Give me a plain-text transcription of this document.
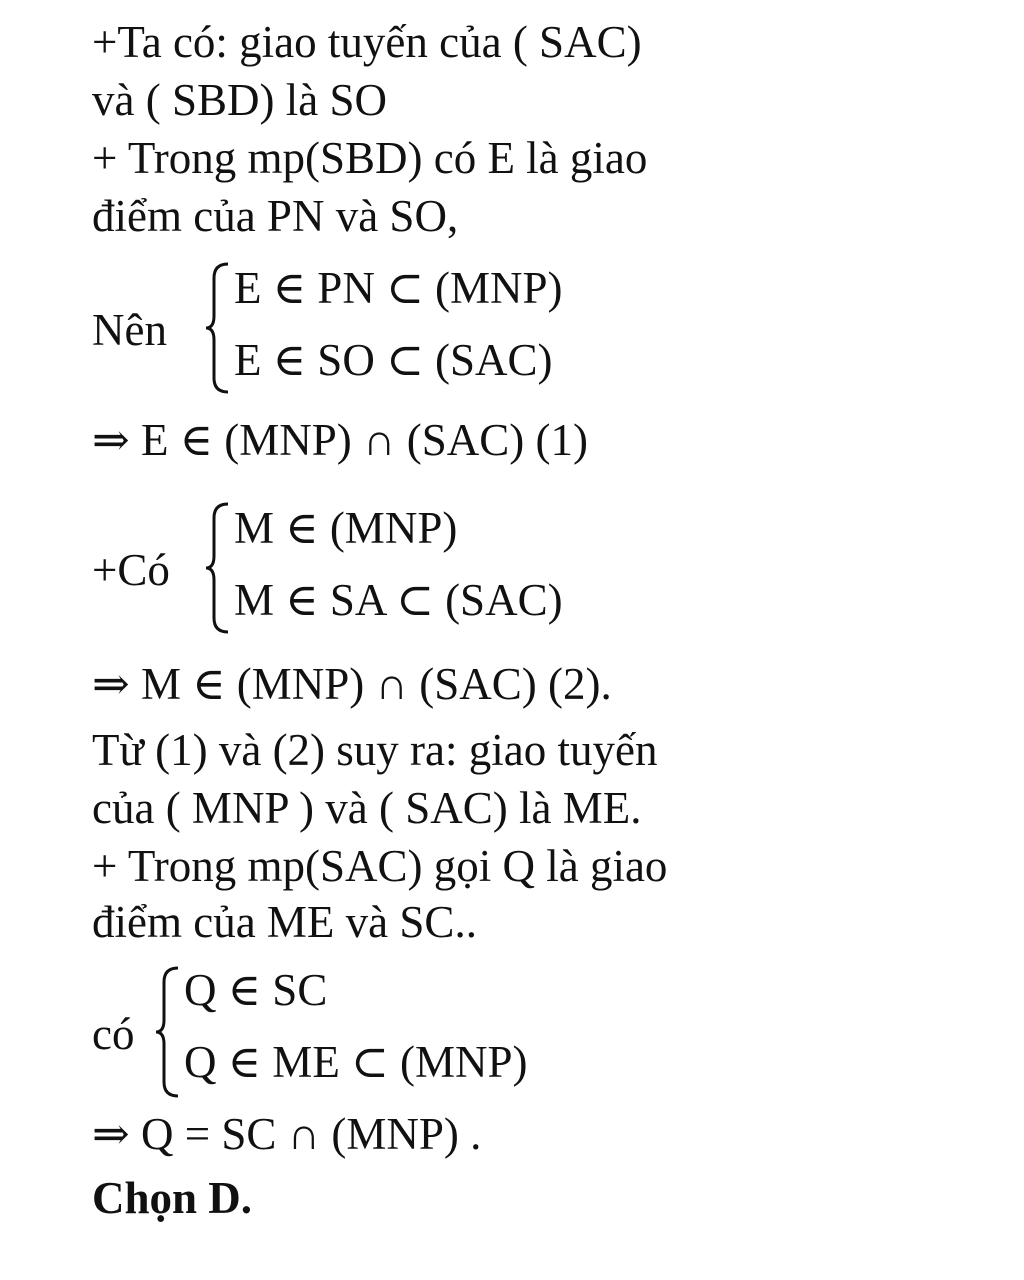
+Ta có: giao tuyến của ( SAC)
và ( SBD) là SO
+ Trong mp(SBD) có E là giao
điểm của PN và SO,
Nên
E ∈ PN ⊂ (MNP)
E ∈ SO ⊂ (SAC)
⇒ E ∈ (MNP) ∩ (SAC) (1)
+Có
M ∈ (MNP)
M ∈ SA ⊂ (SAC)
⇒ M ∈ (MNP) ∩ (SAC) (2).
Từ (1) và (2) suy ra: giao tuyến
của ( MNP ) và ( SAC) là ME.
+ Trong mp(SAC) gọi Q là giao
điểm của ME và SC..
có
Q ∈ SC
Q ∈ ME ⊂ (MNP)
⇒ Q = SC ∩ (MNP) .
Chọn D.
